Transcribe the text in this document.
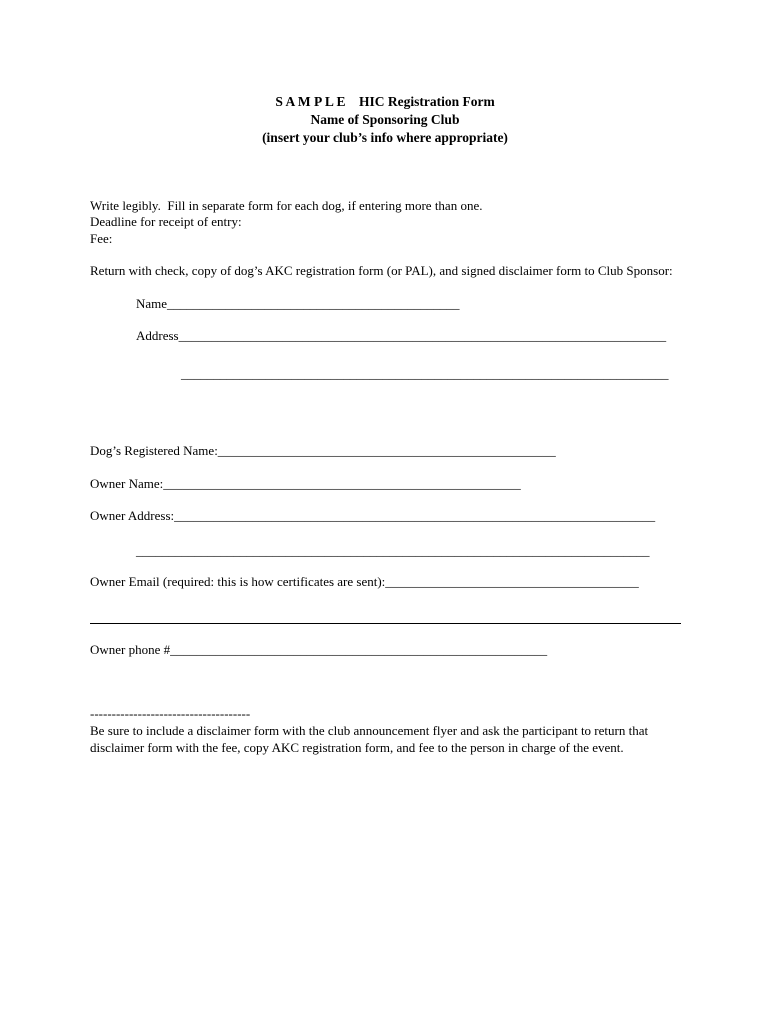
S A M P L E    HIC Registration Form
Name of Sponsoring Club
(insert your club’s info where appropriate)
Write legibly.  Fill in separate form for each dog, if entering more than one.
Deadline for receipt of entry:
Fee:
Return with check, copy of dog’s AKC registration form (or PAL), and signed disclaimer form to Club Sponsor:
Name_____________________________________________
Address___________________________________________________________________________
___________________________________________________________________________
Dog’s Registered Name:____________________________________________________
Owner Name:_______________________________________________________
Owner Address:__________________________________________________________________________
_______________________________________________________________________________
Owner Email (required: this is how certificates are sent):_______________________________________
Owner phone #__________________________________________________________
-------------------------------------
Be sure to include a disclaimer form with the club announcement flyer and ask the participant to return that disclaimer form with the fee, copy AKC registration form, and fee to the person in charge of the event.
